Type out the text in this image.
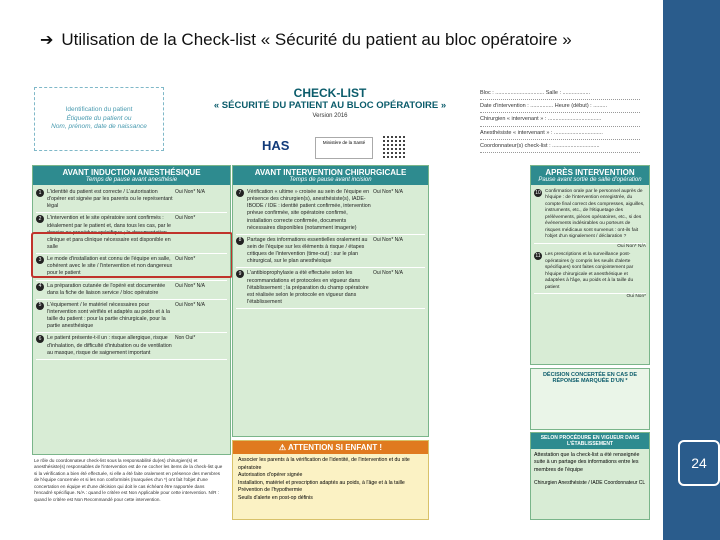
➔ Utilisation de la Check-list « Sécurité du patient au bloc opératoire »
24
Identification du patient
Étiquette du patient ou
Nom, prénom, date de naissance
CHECK-LIST
« SÉCURITÉ DU PATIENT AU BLOC OPÉRATOIRE »
Version 2016
HAS	Ministère de la Santé
Bloc : ................................ Salle : ..................
Date d'intervention : ............... Heure (début) : .........
Chirurgien « intervenant » : ...................................
Anesthésiste « intervenant » : ................................
Coordonnateur(s) check-list : ...............................
AVANT INDUCTION ANESTHÉSIQUE
Temps de pause avant anesthésie
1	L'identité du patient est correcte / L'autorisation d'opérer est signée par les parents ou le représentant légal
Oui Non* N/A
2	L'intervention et le site opératoire sont confirmés : idéalement par le patient et, dans tous les cas, par le dossier ou procédure spécifique ; la documentation clinique et para clinique nécessaire est disponible en salle
Oui Non*
3	Le mode d'installation est connu de l'équipe en salle, cohérent avec le site / l'intervention et non dangereux pour le patient
Oui Non*
4	La préparation cutanée de l'opéré est documentée dans la fiche de liaison service / bloc opératoire
Oui Non* N/A
5	L'équipement / le matériel nécessaires pour l'intervention sont vérifiés et adaptés au poids et à la taille du patient : pour la partie chirurgicale, pour la partie anesthésique
Oui Non* N/A
6	Le patient présente-t-il un : risque allergique, risque d'inhalation, de difficulté d'intubation ou de ventilation au masque, risque de saignement important
Non Oui*
AVANT INTERVENTION CHIRURGICALE
Temps de pause avant incision
7	Vérification « ultime » croisée au sein de l'équipe en présence des chirurgien(s), anesthésiste(s), IADE-IBODE / IDE : identité patient confirmée, intervention prévue confirmée, site opératoire confirmé, installation correcte confirmée, documents nécessaires disponibles (notamment imagerie)
Oui Non* N/A
8	Partage des informations essentielles oralement au sein de l'équipe sur les éléments à risque / étapes critiques de l'intervention (time-out) : sur le plan chirurgical, sur le plan anesthésique
Oui Non* N/A
9	L'antibioprophylaxie a été effectuée selon les recommandations et protocoles en vigueur dans l'établissement ; la préparation du champ opératoire est réalisée selon le protocole en vigueur dans l'établissement
Oui Non* N/A
APRÈS INTERVENTION
Pause avant sortie de salle d'opération
10 Confirmation orale par le personnel auprès de l'équipe : de l'intervention enregistrée, du compte final correct des compresses, aiguilles, instruments, etc., de l'étiquetage des prélèvements, pièces opératoires, etc., si des événements indésirables ou porteurs de risques médicaux sont survenus : ont-ils fait l'objet d'un signalement / déclaration ?
Oui Non* N/A
11 Les prescriptions et la surveillance post-opératoires (y compris les seuils d'alerte spécifiques) sont faites conjointement par l'équipe chirurgicale et anesthésique et adaptées à l'âge, au poids et à la taille du patient
Oui Non*
DÉCISION CONCERTÉE EN CAS DE RÉPONSE MARQUÉE D'UN *
SELON PROCÉDURE EN VIGUEUR DANS L'ÉTABLISSEMENT
Attestation que la check-list a été renseignée suite à un partage des informations entre les membres de l'équipe
Chirurgien Anesthésiste / IADE Coordonnateur CL
⚠ ATTENTION SI ENFANT !
Associer les parents à la vérification de l'identité, de l'intervention et du site opératoire
Autorisation d'opérer signée
Installation, matériel et prescription adaptés au poids, à l'âge et à la taille
Prévention de l'hypothermie
Seuils d'alerte en post-op définis
Le rôle du coordonnateur check-list sous la responsabilité du(es) chirurgien(s) et anesthésiste(s) responsables de l'intervention est de ne cocher les items de la check-list que si la vérification a bien été effectuée, si elle a été faite oralement en présence des membres de l'équipe concernée et si les non conformités (marquées d'un *) ont fait l'objet d'une concertation en équipe et d'une décision qui doit le cas échéant être rapportée dans l'encadré spécifique. N/A : quand le critère est Non Applicable pour cette intervention. N/R : quand le critère est Non Recommandé pour cette intervention.
